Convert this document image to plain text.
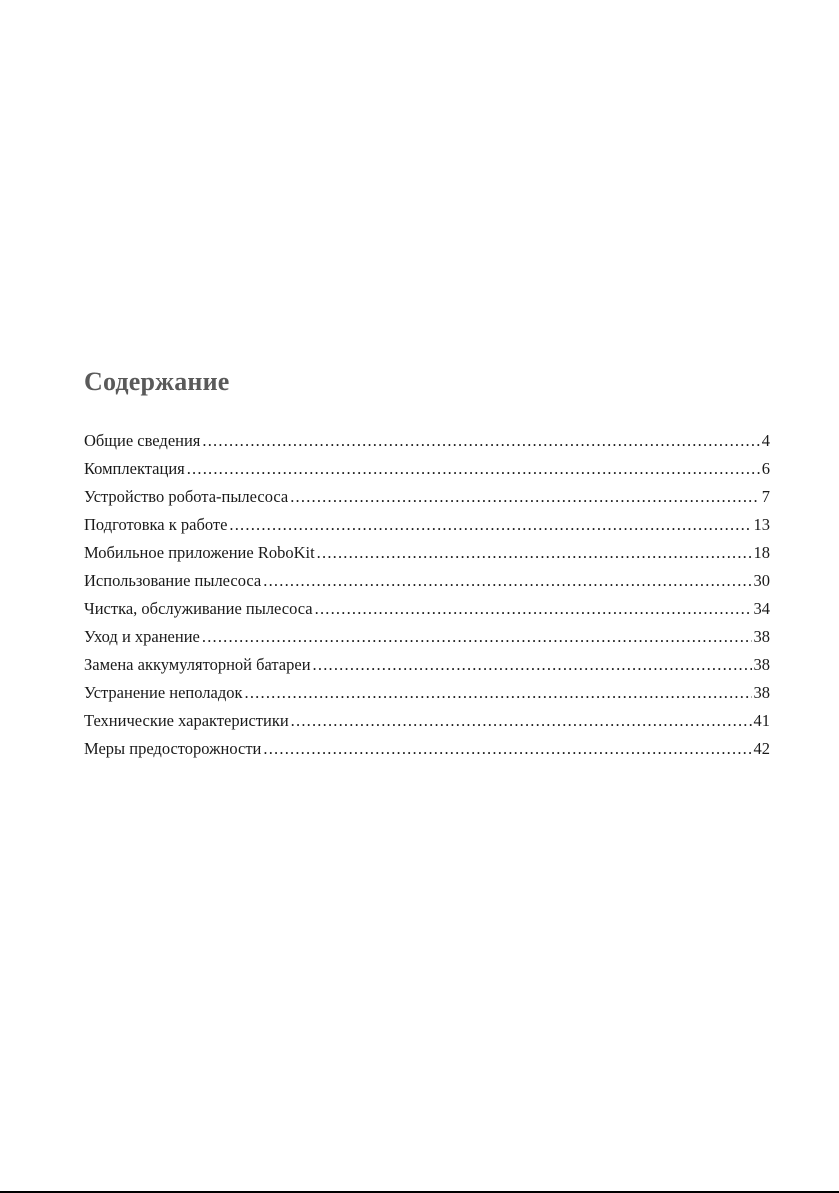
Содержание
Общие сведения .....	4
Комплектация .....	6
Устройство робота-пылесоса .....	7
Подготовка к работе .....	13
Мобильное приложение RoboKit .....	18
Использование пылесоса .....	30
Чистка, обслуживание пылесоса .....	34
Уход и хранение .....	38
Замена аккумуляторной батареи .....	38
Устранение неполадок .....	38
Технические характеристики .....	41
Меры предосторожности .....	42
